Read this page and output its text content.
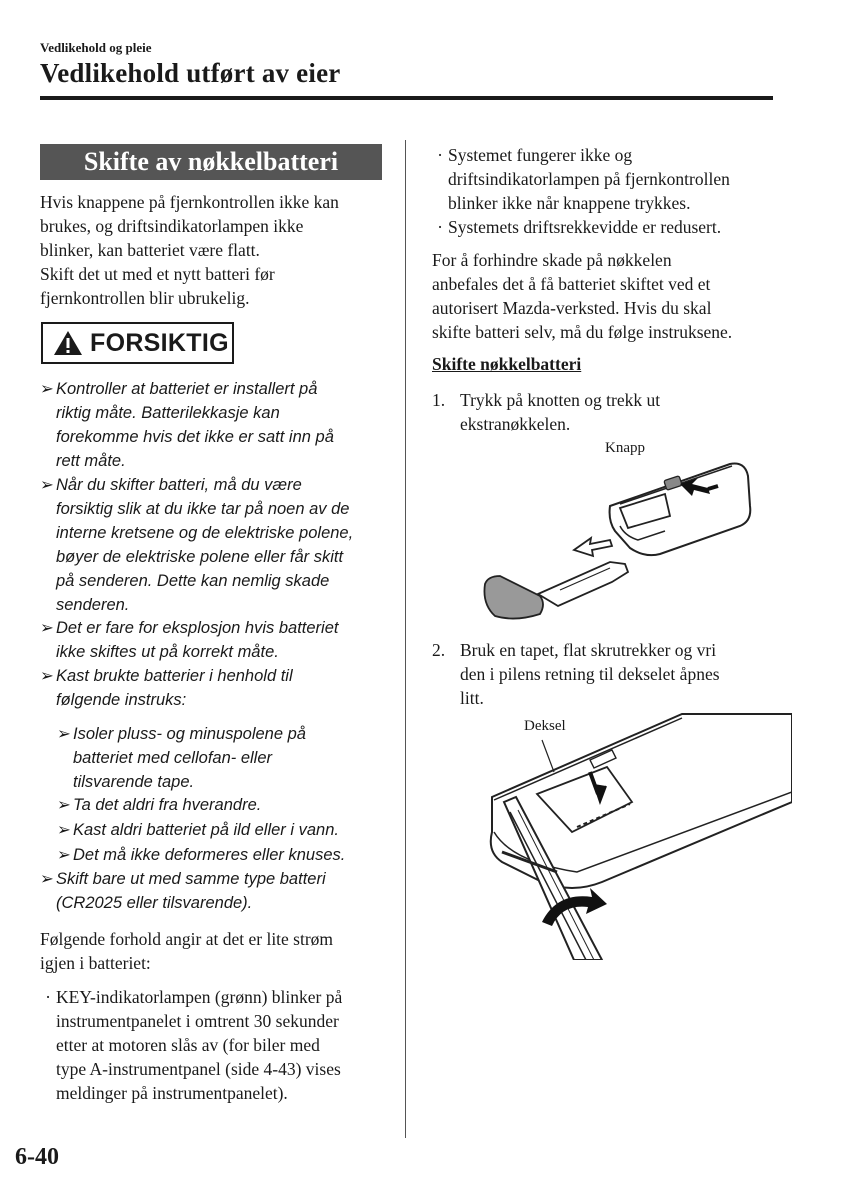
Vedlikehold og pleie
Vedlikehold utført av eier
Skifte av nøkkelbatteri
Hvis knappene på fjernkontrollen ikke kan
brukes, og driftsindikatorlampen ikke
blinker, kan batteriet være flatt.
Skift det ut med et nytt batteri før
fjernkontrollen blir ubrukelig.
FORSIKTIG
➢ Kontroller at batteriet er installert på
riktig måte. Batterilekkasje kan
forekomme hvis det ikke er satt inn på
rett måte.
➢ Når du skifter batteri, må du være
forsiktig slik at du ikke tar på noen av de
interne kretsene og de elektriske polene,
bøyer de elektriske polene eller får skitt
på senderen. Dette kan nemlig skade
senderen.
➢ Det er fare for eksplosjon hvis batteriet
ikke skiftes ut på korrekt måte.
➢ Kast brukte batterier i henhold til
følgende instruks:
➢ Isoler pluss- og minuspolene på
batteriet med cellofan- eller
tilsvarende tape.
➢ Ta det aldri fra hverandre.
➢ Kast aldri batteriet på ild eller i vann.
➢ Det må ikke deformeres eller knuses.
➢ Skift bare ut med samme type batteri
(CR2025 eller tilsvarende).
Følgende forhold angir at det er lite strøm
igjen i batteriet:
· KEY-indikatorlampen (grønn) blinker på
instrumentpanelet i omtrent 30 sekunder
etter at motoren slås av (for biler med
type A-instrumentpanel (side 4-43) vises
meldinger på instrumentpanelet).
· Systemet fungerer ikke og
driftsindikatorlampen på fjernkontrollen
blinker ikke når knappene trykkes.
· Systemets driftsrekkevidde er redusert.
For å forhindre skade på nøkkelen
anbefales det å få batteriet skiftet ved et
autorisert Mazda-verksted. Hvis du skal
skifte batteri selv, må du følge instruksene.
Skifte nøkkelbatteri
1. Trykk på knotten og trekk ut
ekstranøkkelen.
Knapp
2. Bruk en tapet, flat skrutrekker og vri
den i pilens retning til dekselet åpnes
litt.
Deksel
6-40
